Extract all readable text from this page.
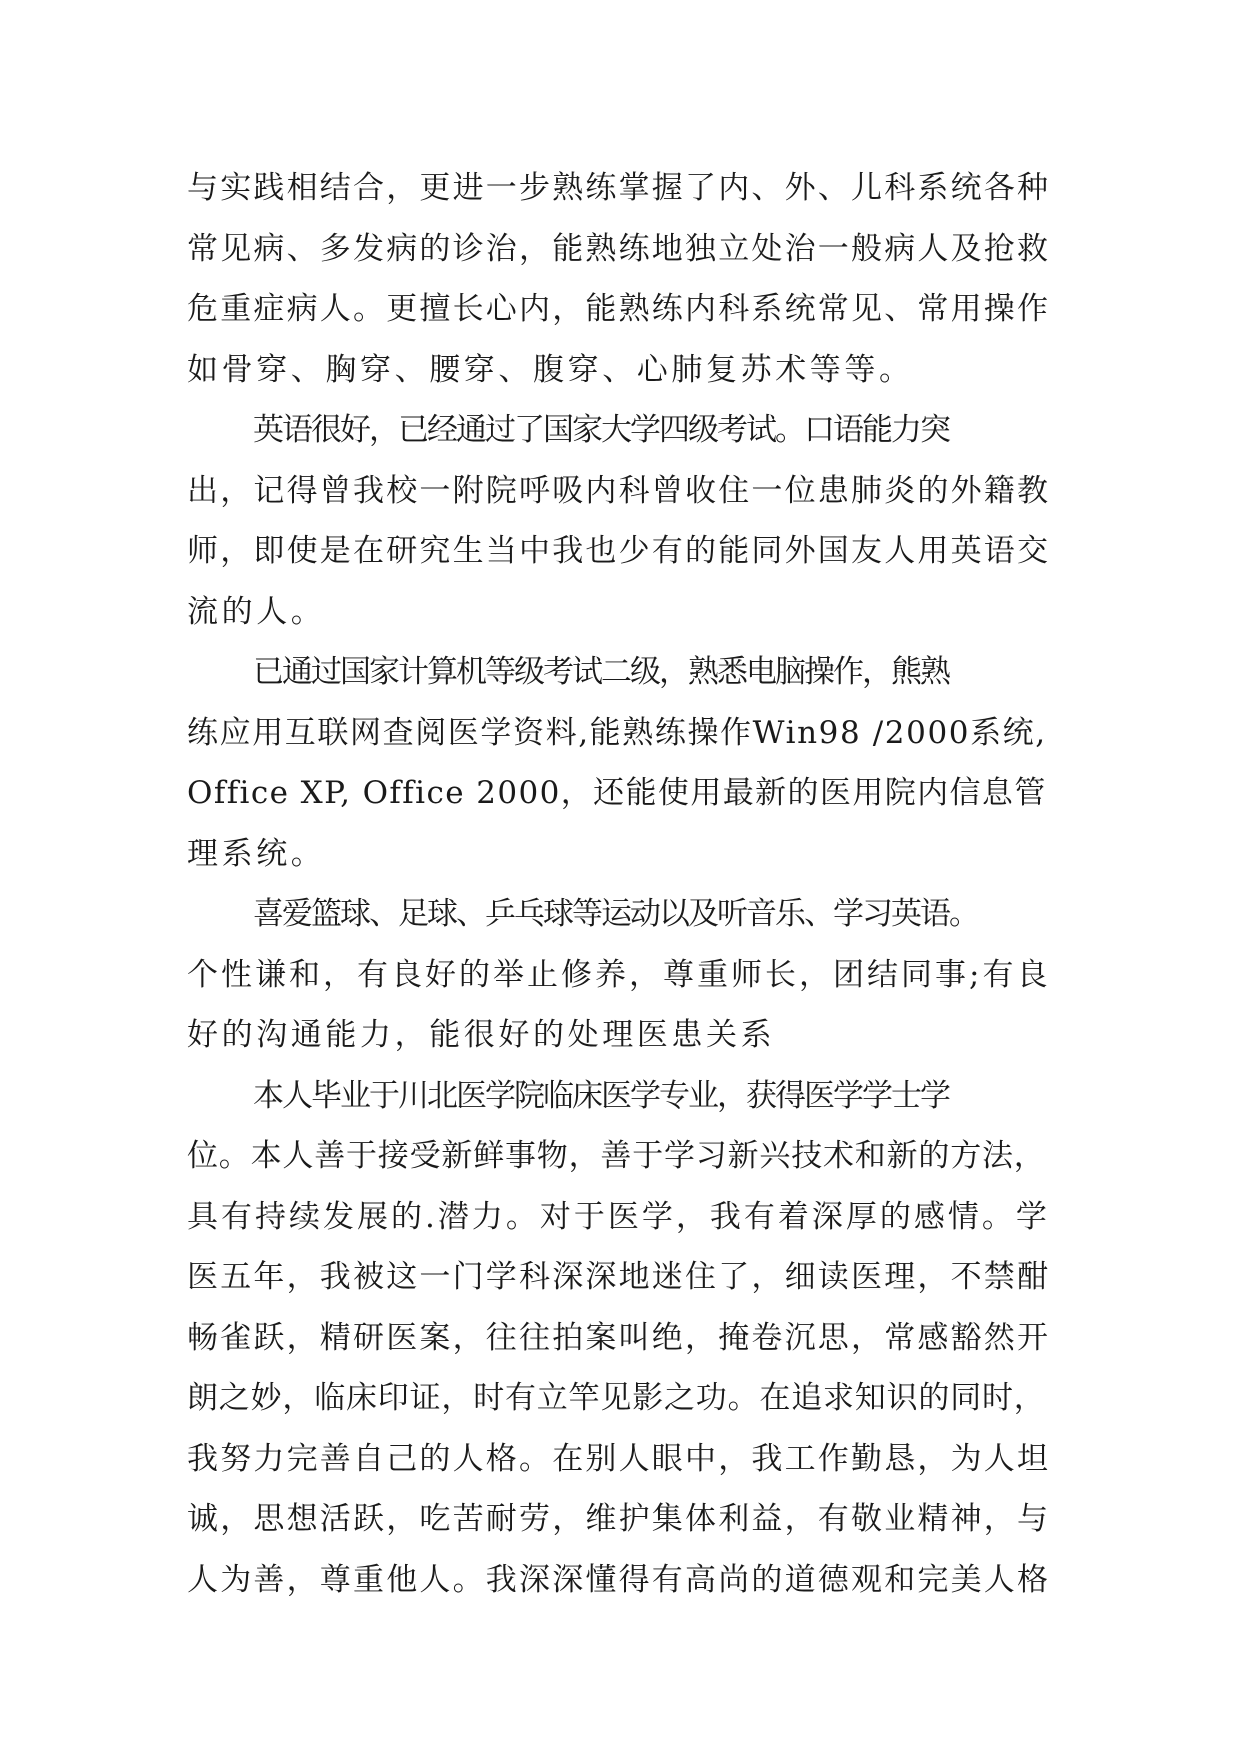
与实践相结合，更进一步熟练掌握了内、外、儿科系统各种
常见病、多发病的诊治，能熟练地独立处治一般病人及抢救
危重症病人。更擅长心内，能熟练内科系统常见、常用操作
如骨穿、胸穿、腰穿、腹穿、心肺复苏术等等。

英语很好，已经通过了国家大学四级考试。口语能力突
出，记得曾我校一附院呼吸内科曾收住一位患肺炎的外籍教
师，即使是在研究生当中我也少有的能同外国友人用英语交
流的人。

已通过国家计算机等级考试二级，熟悉电脑操作，熊熟
练应用互联网查阅医学资料,能熟练操作Win98 /2000系统,
Office XP, Office 2000，还能使用最新的医用院内信息管
理系统。

喜爱篮球、足球、乒乓球等运动以及听音乐、学习英语。
个性谦和，有良好的举止修养，尊重师长，团结同事;有良
好的沟通能力，能很好的处理医患关系

本人毕业于川北医学院临床医学专业，获得医学学士学
位。本人善于接受新鲜事物，善于学习新兴技术和新的方法，
具有持续发展的.潜力。对于医学，我有着深厚的感情。学
医五年，我被这一门学科深深地迷住了，细读医理，不禁酣
畅雀跃，精研医案，往往拍案叫绝，掩卷沉思，常感豁然开
朗之妙，临床印证，时有立竿见影之功。在追求知识的同时，
我努力完善自己的人格。在别人眼中，我工作勤恳，为人坦
诚，思想活跃，吃苦耐劳，维护集体利益，有敬业精神，与
人为善，尊重他人。我深深懂得有高尚的道德观和完美人格
